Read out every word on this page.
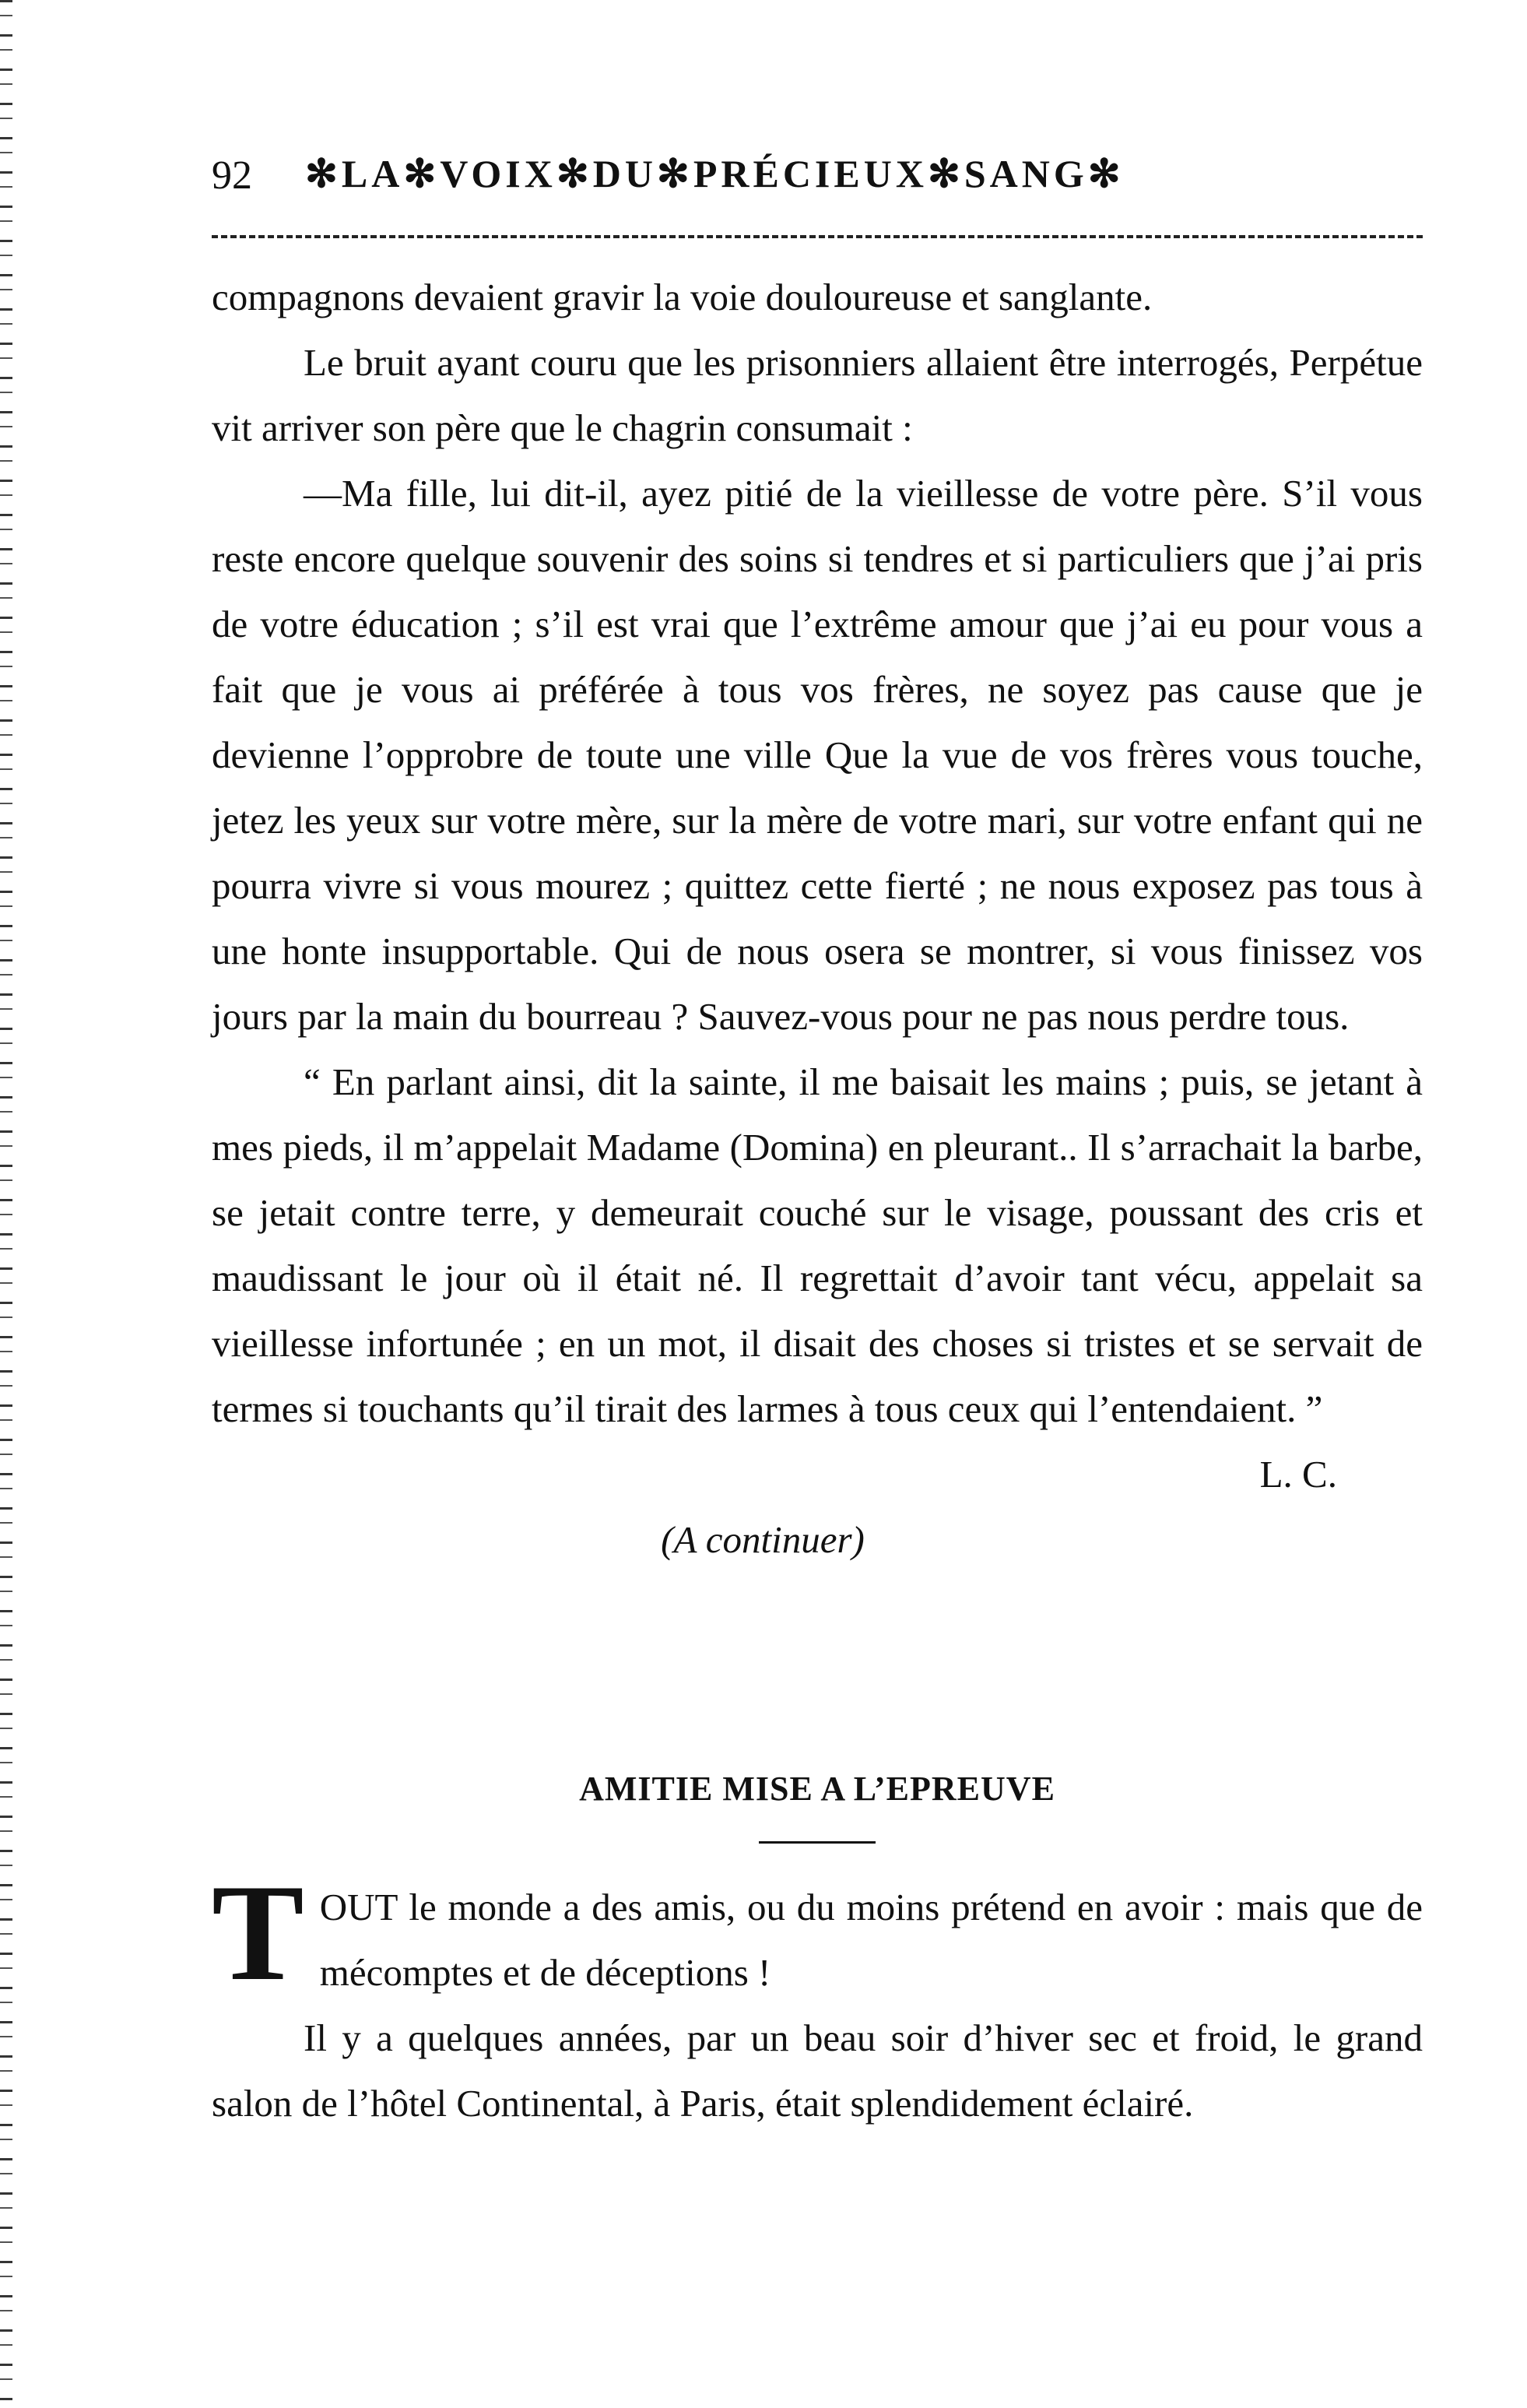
92 ✻LA✻VOIX✻DU✻PRÉCIEUX✻SANG✻

compagnons devaient gravir la voie douloureuse et sanglante.

Le bruit ayant couru que les prisonniers allaient être interrogés, Perpétue vit arriver son père que le chagrin consumait :

—Ma fille, lui dit-il, ayez pitié de la vieillesse de votre père. S’il vous reste encore quelque souvenir des soins si tendres et si particuliers que j’ai pris de votre éducation ; s’il est vrai que l’extrême amour que j’ai eu pour vous a fait que je vous ai préférée à tous vos frères, ne soyez pas cause que je devienne l’opprobre de toute une ville Que la vue de vos frères vous touche, jetez les yeux sur votre mère, sur la mère de votre mari, sur votre enfant qui ne pourra vivre si vous mourez ; quittez cette fierté ; ne nous exposez pas tous à une honte insupportable. Qui de nous osera se montrer, si vous finissez vos jours par la main du bourreau ? Sauvez-vous pour ne pas nous perdre tous.

“ En parlant ainsi, dit la sainte, il me baisait les mains ; puis, se jetant à mes pieds, il m’appelait Madame (Domina) en pleurant.. Il s’arrachait la barbe, se jetait contre terre, y demeurait couché sur le visage, poussant des cris et maudissant le jour où il était né. Il regrettait d’avoir tant vécu, appelait sa vieillesse infortunée ; en un mot, il disait des choses si tristes et se servait de termes si touchants qu’il tirait des larmes à tous ceux qui l’entendaient. ”

L. C.

(A continuer)

AMITIE MISE A L’EPREUVE

TOUT le monde a des amis, ou du moins prétend en avoir : mais que de mécomptes et de déceptions !

Il y a quelques années, par un beau soir d’hiver sec et froid, le grand salon de l’hôtel Continental, à Paris, était splendidement éclairé.
